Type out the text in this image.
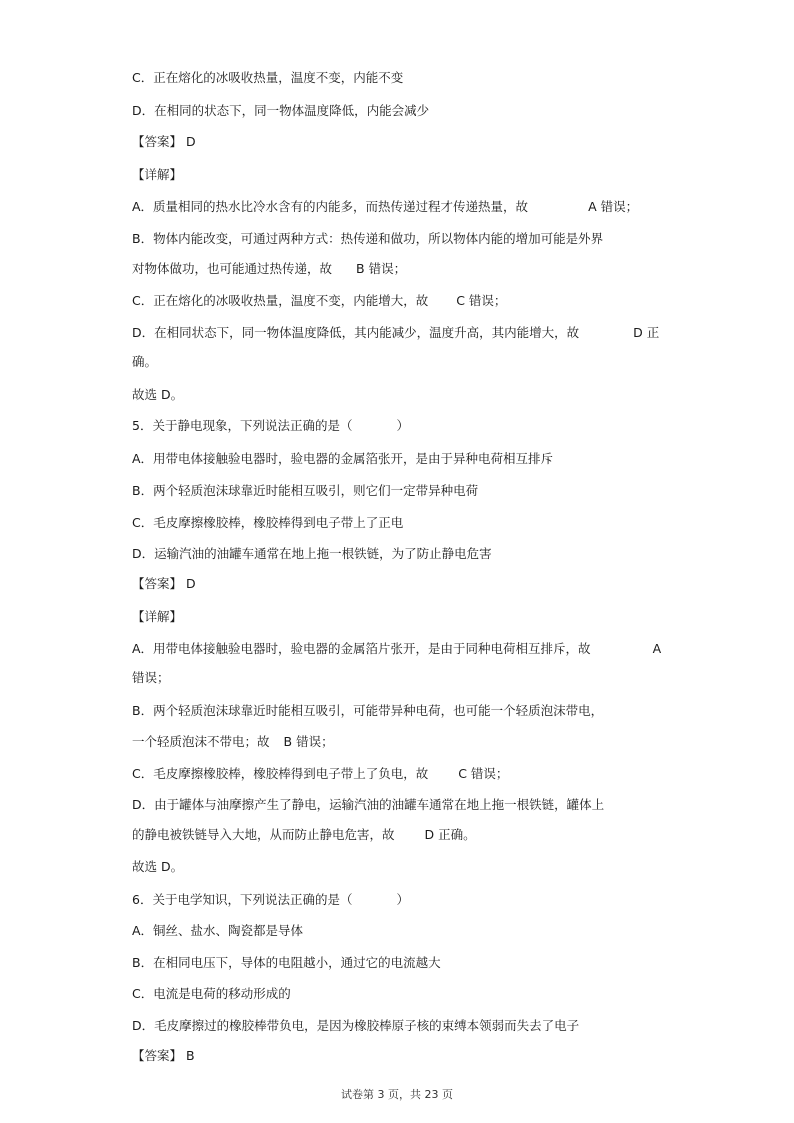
C．正在熔化的冰吸收热量，温度不变，内能不变

D．在相同的状态下，同一物体温度降低，内能会减少

【答案】 D

【详解】

A．质量相同的热水比冷水含有的内能多，而热传递过程才传递热量，故	A 错误；

B．物体内能改变，可通过两种方式：热传递和做功，所以物体内能的增加可能是外界

对物体做功，也可能通过热传递，故 B 错误；

C．正在熔化的冰吸收热量，温度不变，内能增大，故 C 错误；

D．在相同状态下，同一物体温度降低，其内能减少，温度升高，其内能增大，故	D 正

确。

故选 D。

5．关于静电现象，下列说法正确的是（	）

A．用带电体接触验电器时，验电器的金属箔张开，是由于异种电荷相互排斥

B．两个轻质泡沫球靠近时能相互吸引，则它们一定带异种电荷

C．毛皮摩擦橡胶棒，橡胶棒得到电子带上了正电

D．运输汽油的油罐车通常在地上拖一根铁链，为了防止静电危害

【答案】 D

【详解】

A．用带电体接触验电器时，验电器的金属箔片张开，是由于同种电荷相互排斥，故	A

错误；

B．两个轻质泡沫球靠近时能相互吸引，可能带异种电荷，也可能一个轻质泡沫带电，

一个轻质泡沫不带电；故 B 错误；

C．毛皮摩擦橡胶棒，橡胶棒得到电子带上了负电，故 C 错误；

D．由于罐体与油摩擦产生了静电，运输汽油的油罐车通常在地上拖一根铁链，罐体上

的静电被铁链导入大地，从而防止静电危害，故 D 正确。

故选 D。

6．关于电学知识，下列说法正确的是（	）

A．铜丝、盐水、陶瓷都是导体

B．在相同电压下，导体的电阻越小，通过它的电流越大

C．电流是电荷的移动形成的

D．毛皮摩擦过的橡胶棒带负电，是因为橡胶棒原子核的束缚本领弱而失去了电子

【答案】 B

试卷第 3 页，共 23 页
